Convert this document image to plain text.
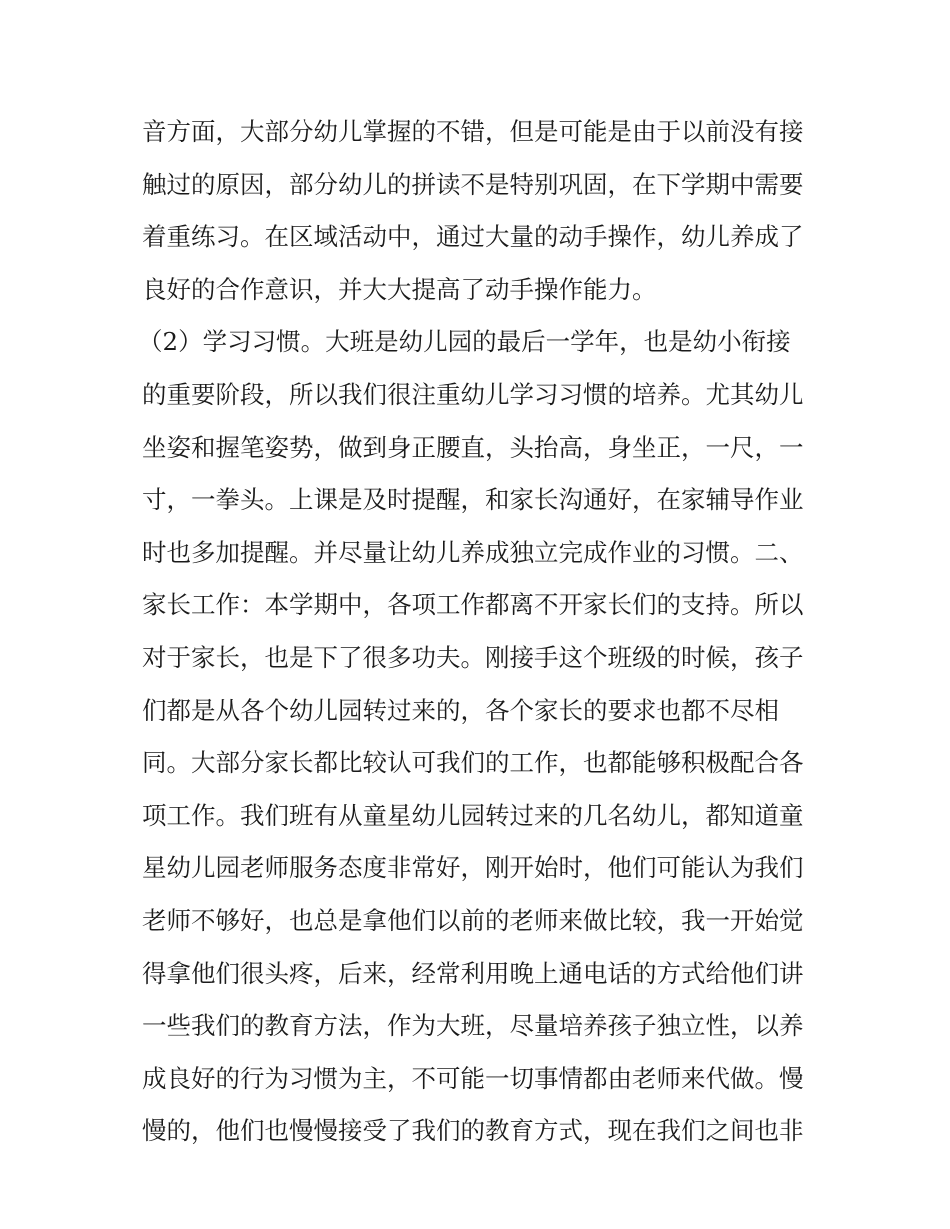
音方面，大部分幼儿掌握的不错，但是可能是由于以前没有接
触过的原因，部分幼儿的拼读不是特别巩固，在下学期中需要
着重练习。在区域活动中，通过大量的动手操作，幼儿养成了
良好的合作意识，并大大提高了动手操作能力。
（2）学习习惯。大班是幼儿园的最后一学年，也是幼小衔接
的重要阶段，所以我们很注重幼儿学习习惯的培养。尤其幼儿
坐姿和握笔姿势，做到身正腰直，头抬高，身坐正，一尺，一
寸，一拳头。上课是及时提醒，和家长沟通好，在家辅导作业
时也多加提醒。并尽量让幼儿养成独立完成作业的习惯。二、
家长工作：本学期中，各项工作都离不开家长们的支持。所以
对于家长，也是下了很多功夫。刚接手这个班级的时候，孩子
们都是从各个幼儿园转过来的，各个家长的要求也都不尽相
同。大部分家长都比较认可我们的工作，也都能够积极配合各
项工作。我们班有从童星幼儿园转过来的几名幼儿，都知道童
星幼儿园老师服务态度非常好，刚开始时，他们可能认为我们
老师不够好，也总是拿他们以前的老师来做比较，我一开始觉
得拿他们很头疼，后来，经常利用晚上通电话的方式给他们讲
一些我们的教育方法，作为大班，尽量培养孩子独立性，以养
成良好的行为习惯为主，不可能一切事情都由老师来代做。慢
慢的，他们也慢慢接受了我们的教育方式，现在我们之间也非
